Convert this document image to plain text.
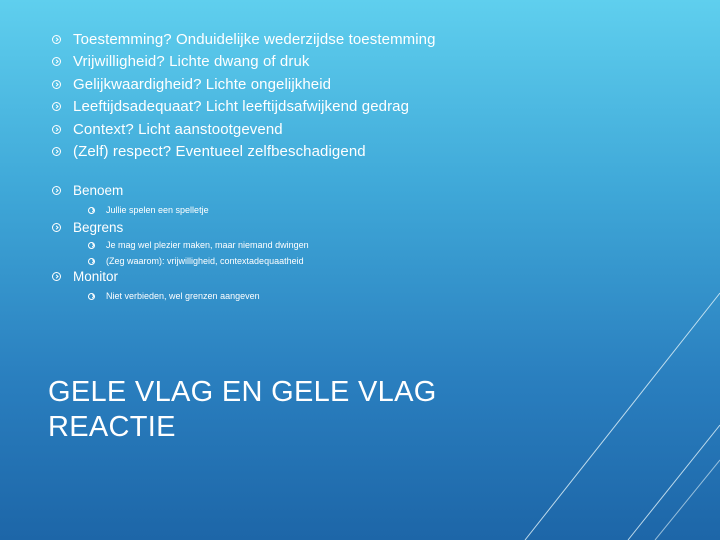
Toestemming? Onduidelijke wederzijdse toestemming
Vrijwilligheid? Lichte dwang of druk
Gelijkwaardigheid? Lichte ongelijkheid
Leeftijdsadequaat? Licht leeftijdsafwijkend gedrag
Context? Licht aanstootgevend
(Zelf) respect? Eventueel zelfbeschadigend
Benoem
Jullie spelen een spelletje
Begrens
Je mag wel plezier maken, maar niemand dwingen
(Zeg waarom): vrijwilligheid, contextadequaatheid
Monitor
Niet verbieden, wel grenzen aangeven
GELE VLAG EN GELE VLAG
REACTIE
